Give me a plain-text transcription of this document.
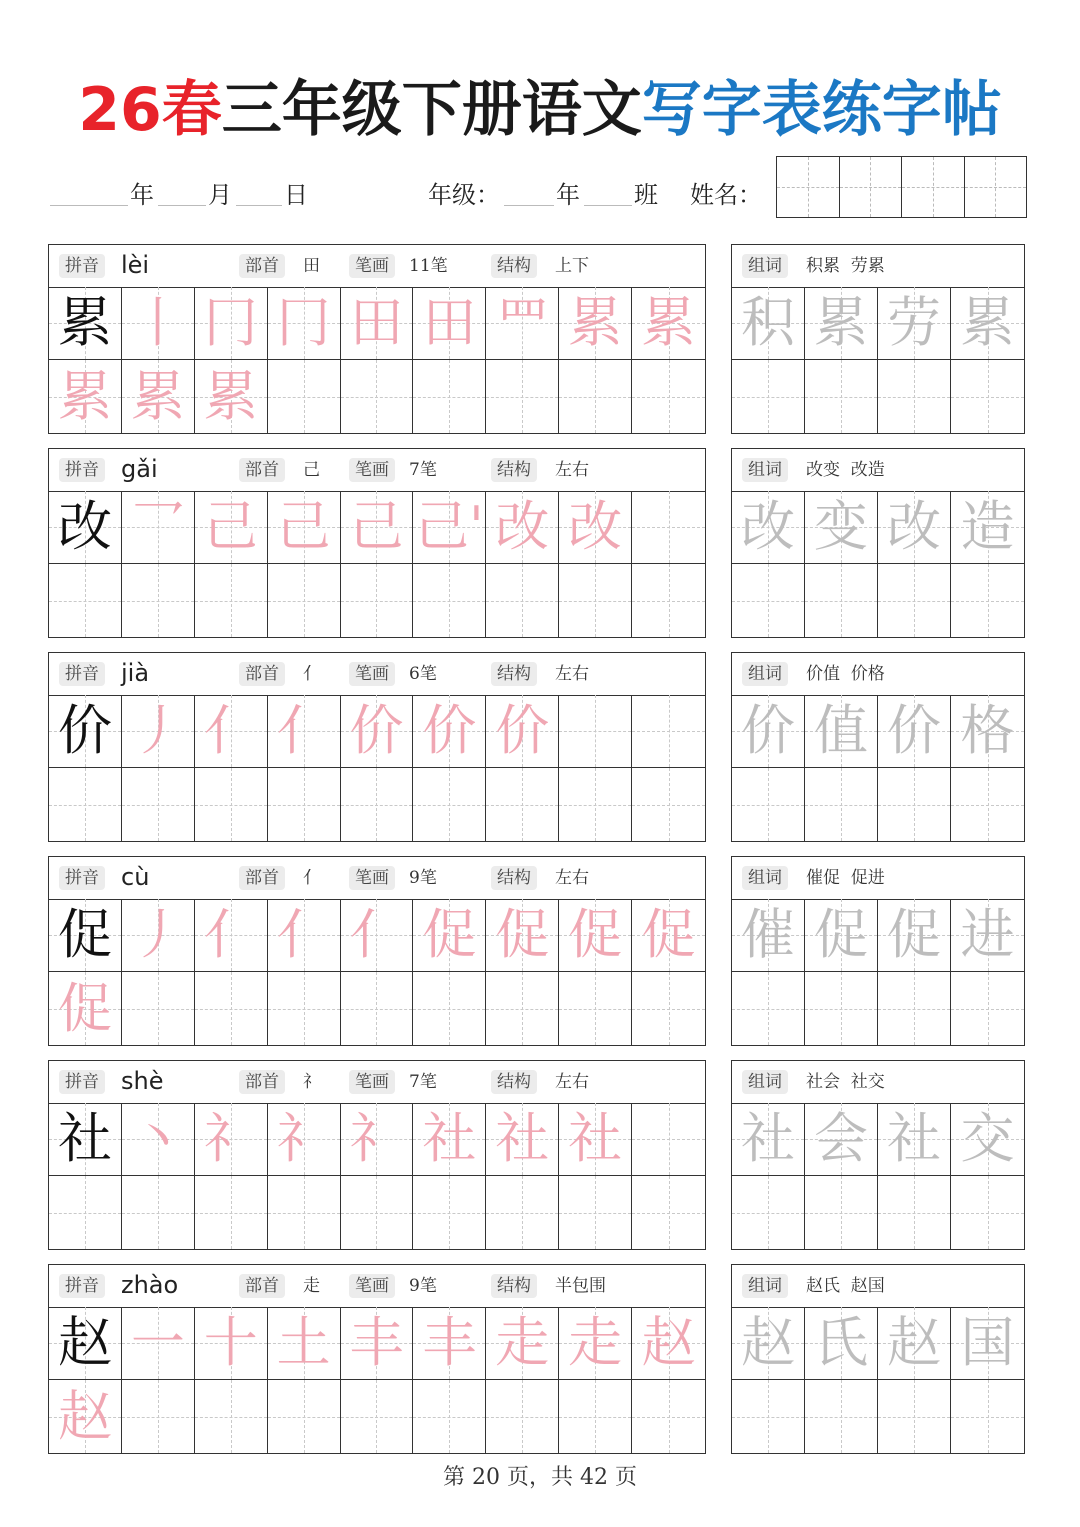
26春三年级下册语文写字表练字帖
年 月 日	年级： 年 班 姓名：
拼音 lèi	部首	田	笔画	11笔	结构	上下
累 丨 冂 冂 田 田 罒 累 累
累 累 累
组词	积累  劳累
积 累 劳 累
拼音 gǎi	部首	己	笔画	7笔	结构	左右
改 乛 己 己 己 己' 改 改
组词	改变  改造
改 变 改 造
拼音 jià	部首	亻	笔画	6笔	结构	左右
价 丿 亻 亻 价 价 价
组词	价值  价格
价 值 价 格
拼音 cù	部首	亻	笔画	9笔	结构	左右
促 丿 亻 亻 亻 促 促 促 促
促
组词	催促  促进
催 促 促 进
拼音 shè	部首	礻	笔画	7笔	结构	左右
社 丶 礻 礻 礻 社 社 社
组词	社会  社交
社 会 社 交
拼音 zhào	部首	走	笔画	9笔	结构	半包围
赵 一 十 土 丰 丰 走 走 赵
赵
组词	赵氏  赵国
赵 氏 赵 国
第 20 页，共 42 页
